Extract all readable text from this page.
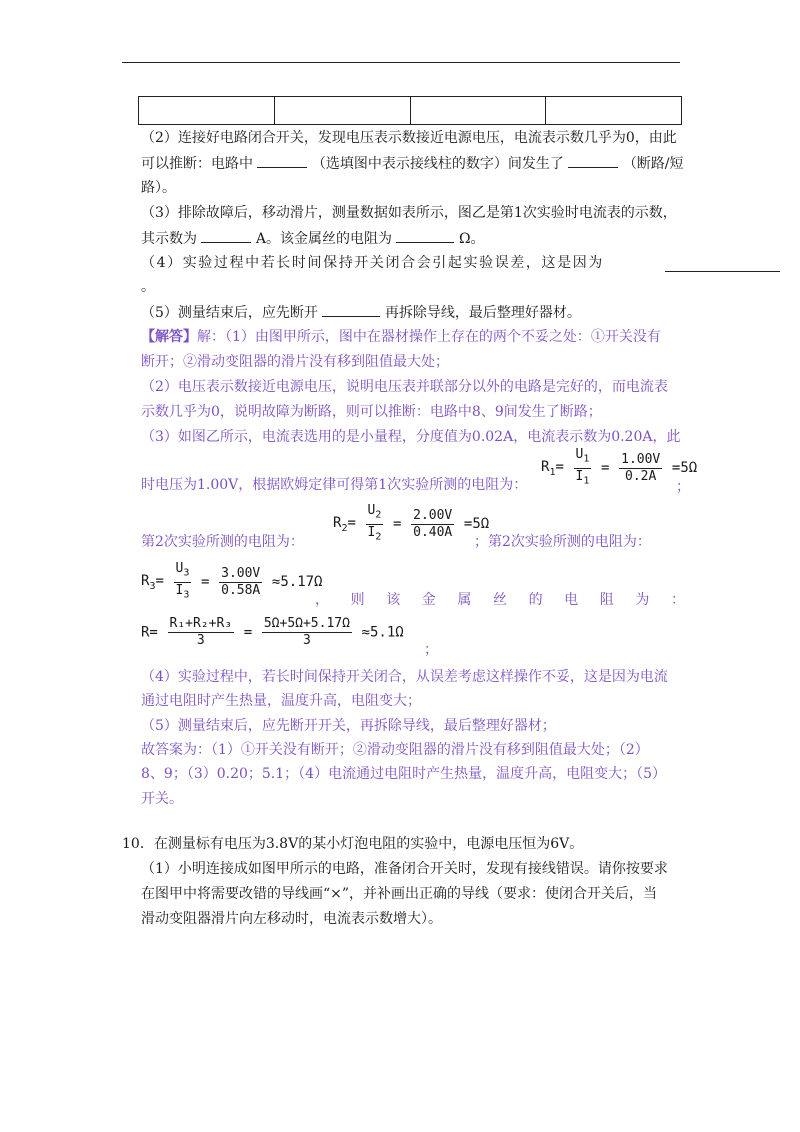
（2）连接好电路闭合开关，发现电压表示数接近电源电压，电流表示数几乎为0，由此
可以推断：电路中	（选填图中表示接线柱的数字）间发生了	（断路/短
路）。
（3）排除故障后，移动滑片，测量数据如表所示，图乙是第1次实验时电流表的示数，
其示数为	A。该金属丝的电阻为	Ω。
（4）实验过程中若长时间保持开关闭合会引起实验误差，这是因为
。
（5）测量结束后，应先断开	再拆除导线，最后整理好器材。
【解答】解：（1）由图甲所示，图中在器材操作上存在的两个不妥之处：①开关没有
断开；②滑动变阻器的滑片没有移到阻值最大处；
（2）电压表示数接近电源电压，说明电压表并联部分以外的电路是完好的，而电流表
示数几乎为0，说明故障为断路，则可以推断：电路中8、9间发生了断路；
（3）如图乙所示，电流表选用的是小量程，分度值为0.02A，电流表示数为0.20A，此
时电压为1.00V，根据欧姆定律可得第1次实验所测的电阻为：
$R_1= \frac{U_1}{I_1} = \frac{1.00V}{0.2A} =5\Omega$
；
$R_2= \frac{U_2}{I_2} = \frac{2.00V}{0.40A} =5\Omega$
第2次实验所测的电阻为：	；第2次实验所测的电阻为：
$R_3= \frac{U_3}{I_3} = \frac{3.00V}{0.58A} \approx 5.17\Omega$
， 则 该 金 属 丝 的 电 阻 为 ：
$R= \frac{\text{R₁+R₂+R₃}}{3} = \frac{5\Omega+5\Omega+5.17\Omega}{3} \approx 5.1\Omega$
；
（4）实验过程中，若长时间保持开关闭合，从误差考虑这样操作不妥，这是因为电流
通过电阻时产生热量，温度升高，电阻变大；
（5）测量结束后，应先断开开关，再拆除导线，最后整理好器材；
故答案为：（1）①开关没有断开；②滑动变阻器的滑片没有移到阻值最大处；（2）
8、9；（3）0.20；5.1；（4）电流通过电阻时产生热量，温度升高，电阻变大；（5）
开关。
10．在测量标有电压为3.8V的某小灯泡电阻的实验中，电源电压恒为6V。
（1）小明连接成如图甲所示的电路，准备闭合开关时，发现有接线错误。请你按要求
在图甲中将需要改错的导线画“×”，并补画出正确的导线（要求：使闭合开关后，当
滑动变阻器滑片向左移动时，电流表示数增大）。
